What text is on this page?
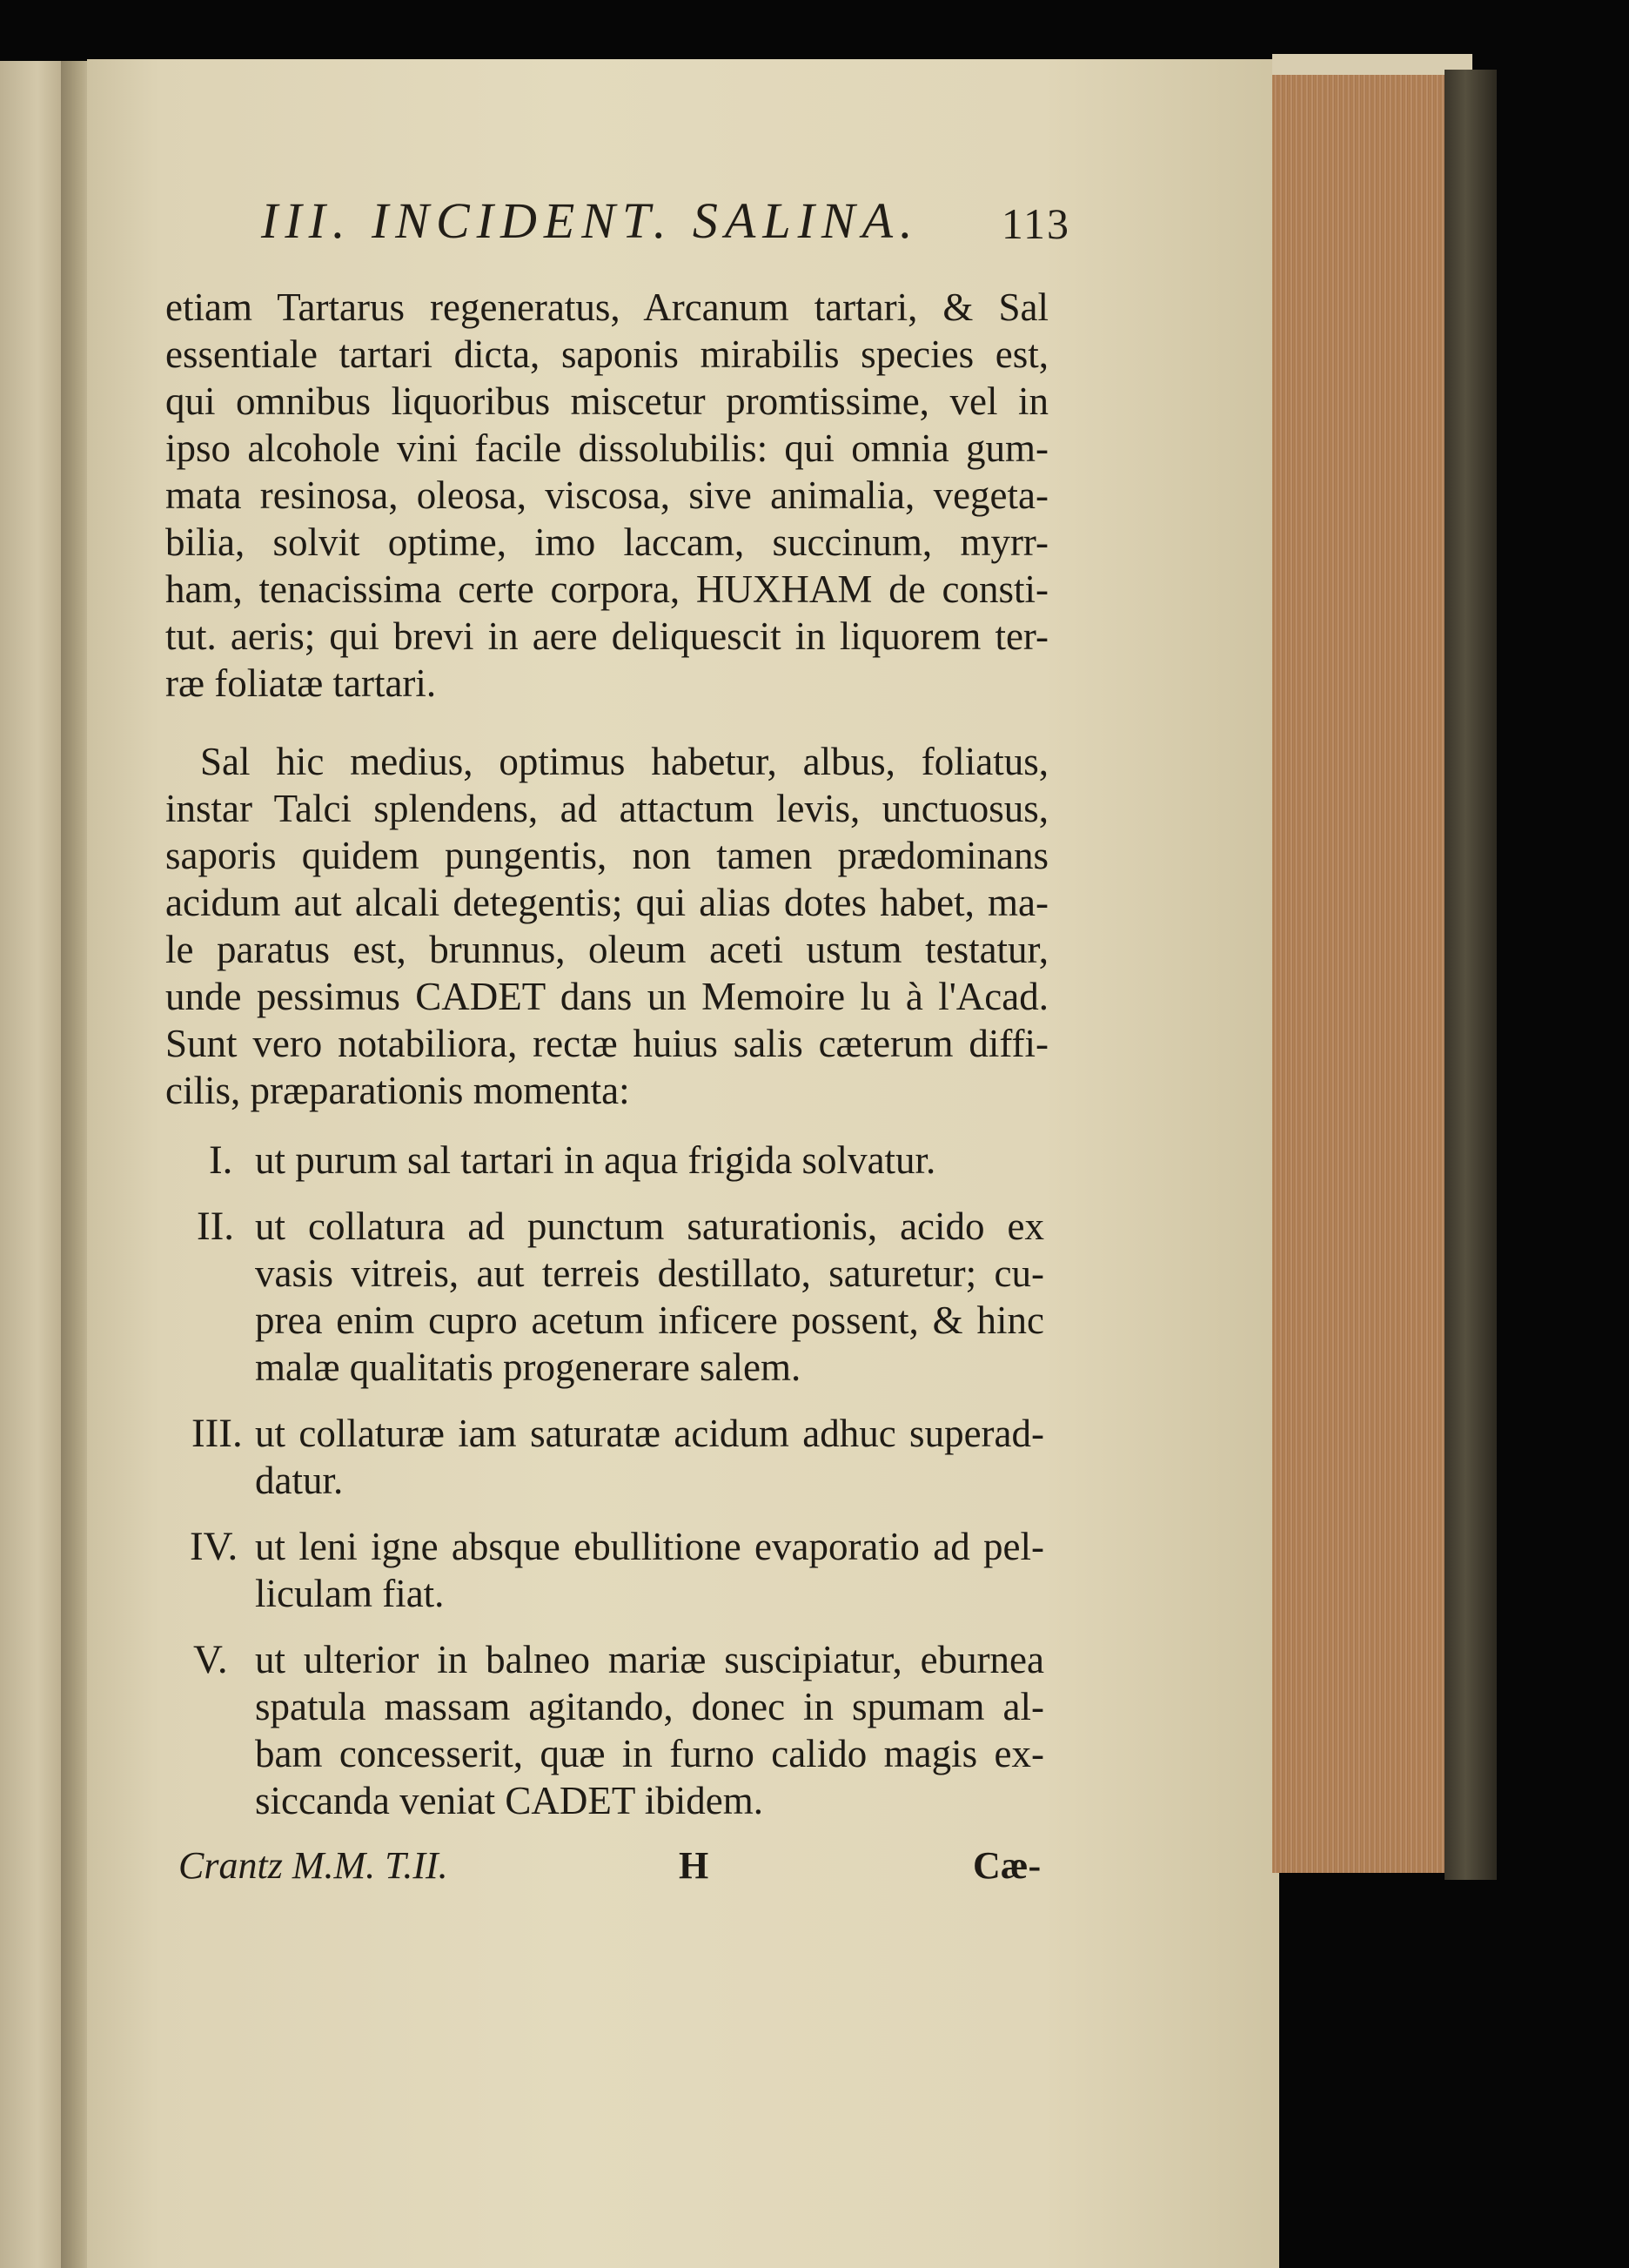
III. INCIDENT. SALINA. 113
etiam Tartarus regeneratus, Arcanum tartari, & Sal
essentiale tartari dicta, saponis mirabilis species est,
qui omnibus liquoribus miscetur promtissime, vel in
ipso alcohole vini facile dissolubilis: qui omnia gum-
mata resinosa, oleosa, viscosa, sive animalia, vegeta-
bilia, solvit optime, imo laccam, succinum, myrr-
ham, tenacissima certe corpora, HUXHAM de consti-
tut. aeris; qui brevi in aere deliquescit in liquorem ter-
ræ foliatæ tartari.
Sal hic medius, optimus habetur, albus, foliatus,
instar Talci splendens, ad attactum levis, unctuosus,
saporis quidem pungentis, non tamen prædominans
acidum aut alcali detegentis; qui alias dotes habet, ma-
le paratus est, brunnus, oleum aceti ustum testatur,
unde pessimus CADET dans un Memoire lu à l'Acad.
Sunt vero notabiliora, rectæ huius salis cæterum diffi-
cilis, præparationis momenta:
I. ut purum sal tartari in aqua frigida solvatur.
II. ut collatura ad punctum saturationis, acido ex
vasis vitreis, aut terreis destillato, saturetur; cu-
prea enim cupro acetum inficere possent, & hinc
malæ qualitatis progenerare salem.
III. ut collaturæ iam saturatæ acidum adhuc superad-
datur.
IV. ut leni igne absque ebullitione evaporatio ad pel-
liculam fiat.
V. ut ulterior in balneo mariæ suscipiatur, eburnea
spatula massam agitando, donec in spumam al-
bam concesserit, quæ in furno calido magis ex-
siccanda veniat CADET ibidem.
Crantz M.M. T.II.	H	Cæ-
